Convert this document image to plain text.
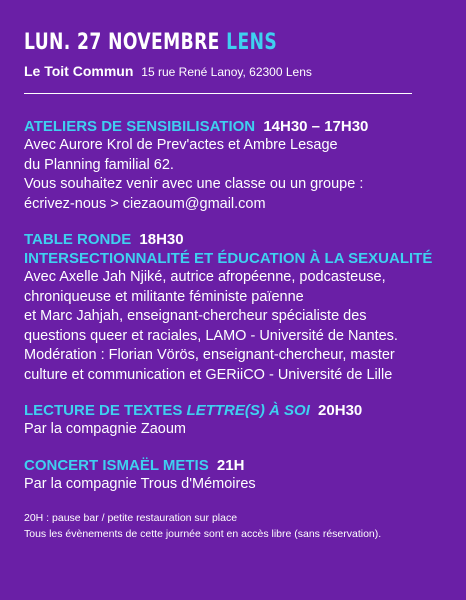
LUN. 27 NOVEMBRE LENS
Le Toit Commun 15 rue René Lanoy, 62300 Lens
ATELIERS DE SENSIBILISATION 14H30 – 17H30
Avec Aurore Krol de Prev'actes et Ambre Lesage
du Planning familial 62.
Vous souhaitez venir avec une classe ou un groupe :
écrivez-nous > ciezaoum@gmail.com
TABLE RONDE 18H30
INTERSECTIONNALITÉ ET ÉDUCATION À LA SEXUALITÉ
Avec Axelle Jah Njiké, autrice afropéenne, podcasteuse,
chroniqueuse et militante féministe païenne
et Marc Jahjah, enseignant-chercheur spécialiste des
questions queer et raciales, LAMO - Université de Nantes.
Modération : Florian Vörös, enseignant-chercheur, master
culture et communication et GERiiCO - Université de Lille
LECTURE DE TEXTES LETTRE(S) À SOI 20H30
Par la compagnie Zaoum
CONCERT ISMAËL METIS 21H
Par la compagnie Trous d'Mémoires
20H : pause bar / petite restauration sur place
Tous les évènements de cette journée sont en accès libre (sans réservation).
